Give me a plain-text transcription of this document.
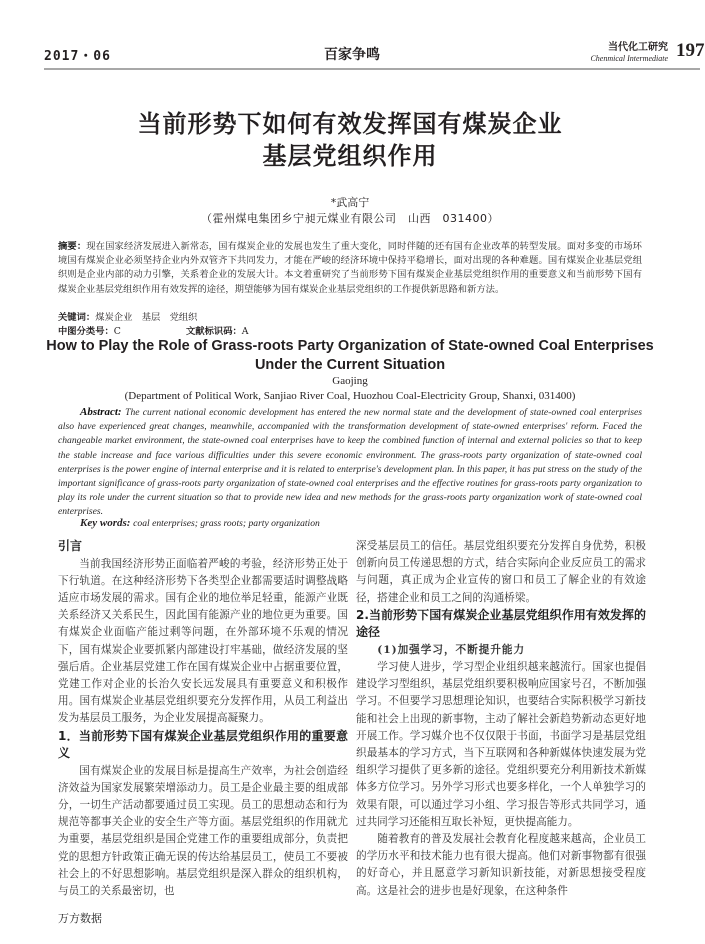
2017・06	百家争鸣	当代化工研究
Chenmical Intermediate 197
当前形势下如何有效发挥国有煤炭企业
基层党组织作用
*武高宁
（霍州煤电集团乡宁昶元煤业有限公司　山西　031400）
摘要：现在国家经济发展进入新常态，国有煤炭企业的发展也发生了重大变化，同时伴随的还有国有企业改革的转型发展。面对多变的市场环境国有煤炭企业必须坚持企业内外双管齐下共同发力，才能在严峻的经济环境中保持平稳增长，面对出现的各种难题。国有煤炭企业基层党组织则是企业内部的动力引擎，关系着企业的发展大计。本文着重研究了当前形势下国有煤炭企业基层党组织作用的重要意义和当前形势下国有煤炭企业基层党组织作用有效发挥的途径，期望能够为国有煤炭企业基层党组织的工作提供新思路和新方法。
关键词：煤炭企业　基层　党组织
中图分类号：C	文献标识码：A
How to Play the Role of Grass-roots Party Organization of State-owned Coal Enterprises
Under the Current Situation
Gaojing
(Department of Political Work, Sanjiao River Coal, Huozhou Coal-Electricity Group, Shanxi, 031400)
Abstract: The current national economic development has entered the new normal state and the development of state-owned coal enterprises also have experienced great changes, meanwhile, accompanied with the transformation development of state-owned enterprises' reform. Faced the changeable market environment, the state-owned coal enterprises have to keep the combined function of internal and external policies so that to keep the stable increase and face various difficulties under this severe economic environment. The grass-roots party organization of state-owned coal enterprises is the power engine of internal enterprise and it is related to enterprise's development plan. In this paper, it has put stress on the study of the important significance of grass-roots party organization of state-owned coal enterprises and the effective routines for grass-roots party organization to play its role under the current situation so that to provide new idea and new methods for the grass-roots party organization work of state-owned coal enterprises.
Key words: coal enterprises; grass roots; party organization

引言

当前我国经济形势正面临着严峻的考验，经济形势正处于下行轨道。在这种经济形势下各类型企业都需要适时调整战略适应市场发展的需求。国有企业的地位举足轻重，能源产业既关系经济又关系民生，因此国有能源产业的地位更为重要。国有煤炭企业面临产能过剩等问题，在外部环境不乐观的情况下，国有煤炭企业要抓紧内部建设打牢基础，做经济发展的坚强后盾。企业基层党建工作在国有煤炭企业中占据重要位置，党建工作对企业的长治久安长远发展具有重要意义和积极作用。国有煤炭企业基层党组织要充分发挥作用，从员工利益出发为基层员工服务，为企业发展提高凝聚力。

1．当前形势下国有煤炭企业基层党组织作用的重要意义

国有煤炭企业的发展目标是提高生产效率，为社会创造经济效益为国家发展繁荣增添动力。员工是企业最主要的组成部分，一切生产活动都要通过员工实现。员工的思想动态和行为规范等都事关企业的安全生产等方面。基层党组织的作用就尤为重要，基层党组织是国企党建工作的重要组成部分，负责把党的思想方针政策正确无误的传达给基层员工，使员工不要被社会上的不好思想影响。基层党组织是深入群众的组织机构，与员工的关系最密切，也

深受基层员工的信任。基层党组织要充分发挥自身优势，积极创新向员工传递思想的方式，结合实际向企业反应员工的需求与问题，真正成为企业宣传的窗口和员工了解企业的有效途径，搭建企业和员工之间的沟通桥梁。

2.当前形势下国有煤炭企业基层党组织作用有效发挥的途径

(1)加强学习，不断提升能力

学习使人进步，学习型企业组织越来越流行。国家也提倡建设学习型组织，基层党组织要积极响应国家号召，不断加强学习。不但要学习思想理论知识，也要结合实际积极学习新技能和社会上出现的新事物，主动了解社会新趋势新动态更好地开展工作。学习媒介也不仅仅限于书面，书面学习是基层党组织最基本的学习方式，当下互联网和各种新媒体快速发展为党组织学习提供了更多新的途径。党组织要充分利用新技术新媒体多方位学习。另外学习形式也要多样化，一个人单独学习的效果有限，可以通过学习小组、学习报告等形式共同学习，通过共同学习还能相互取长补短，更快提高能力。

随着教育的普及发展社会教育化程度越来越高，企业员工的学历水平和技术能力也有很大提高。他们对新事物都有很强的好奇心，并且愿意学习新知识新技能，对新思想接受程度高。这是社会的进步也是好现象，在这种条件

万方数据
